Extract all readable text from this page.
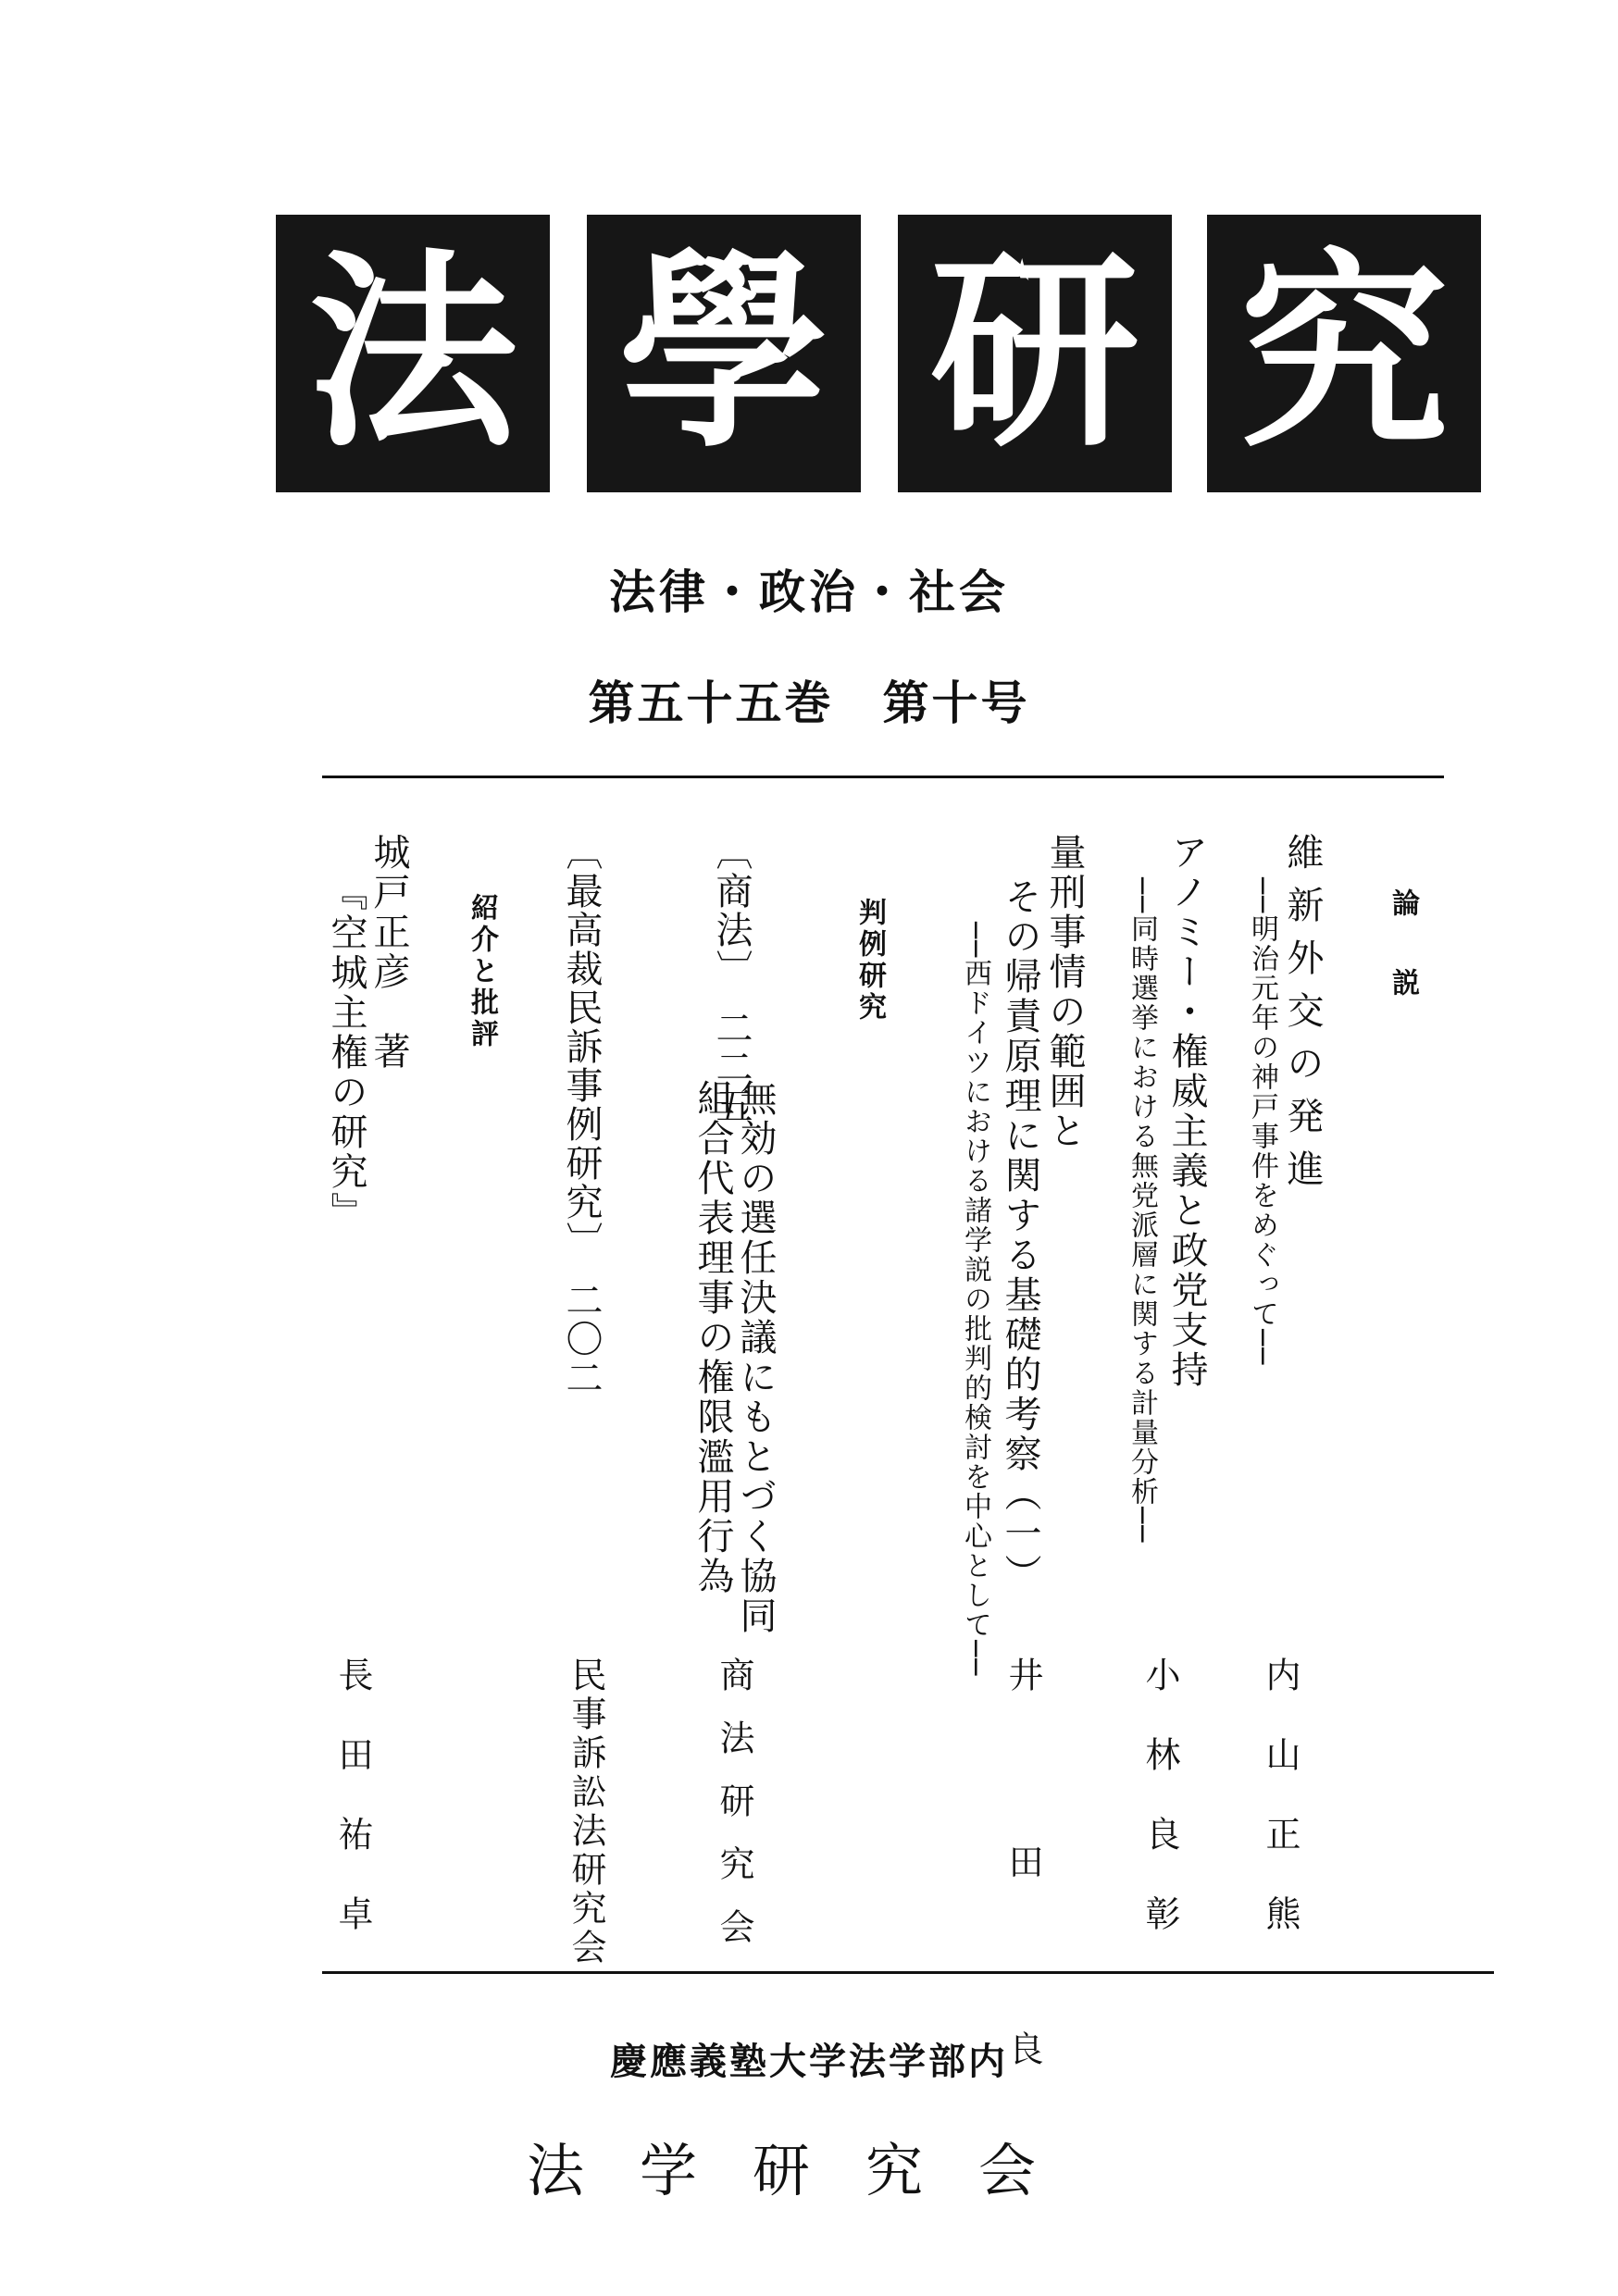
法 學 研 究
法律・政治・社会
第五十五巻　第十号
論説
維新外交の発進
──明治元年の神戸事件をめぐって──
アノミー・権威主義と政党支持
──同時選挙における無党派層に関する計量分析──
量刑事情の範囲と
その帰責原理に関する基礎的考察（一）
──西ドイツにおける諸学説の批判的検討を中心として──
判例研究
〔商法〕　二二五
無効の選任決議にもとづく協同
組合代表理事の権限濫用行為
〔最高裁民訴事例研究〕　二〇二
紹介と批評
城戸正彦　著
『空城主権の研究』
内山正熊
小林良彰
井田良
商法研究会
民事訴訟法研究会
長田祐卓
慶應義塾大学法学部内
法学研究会
